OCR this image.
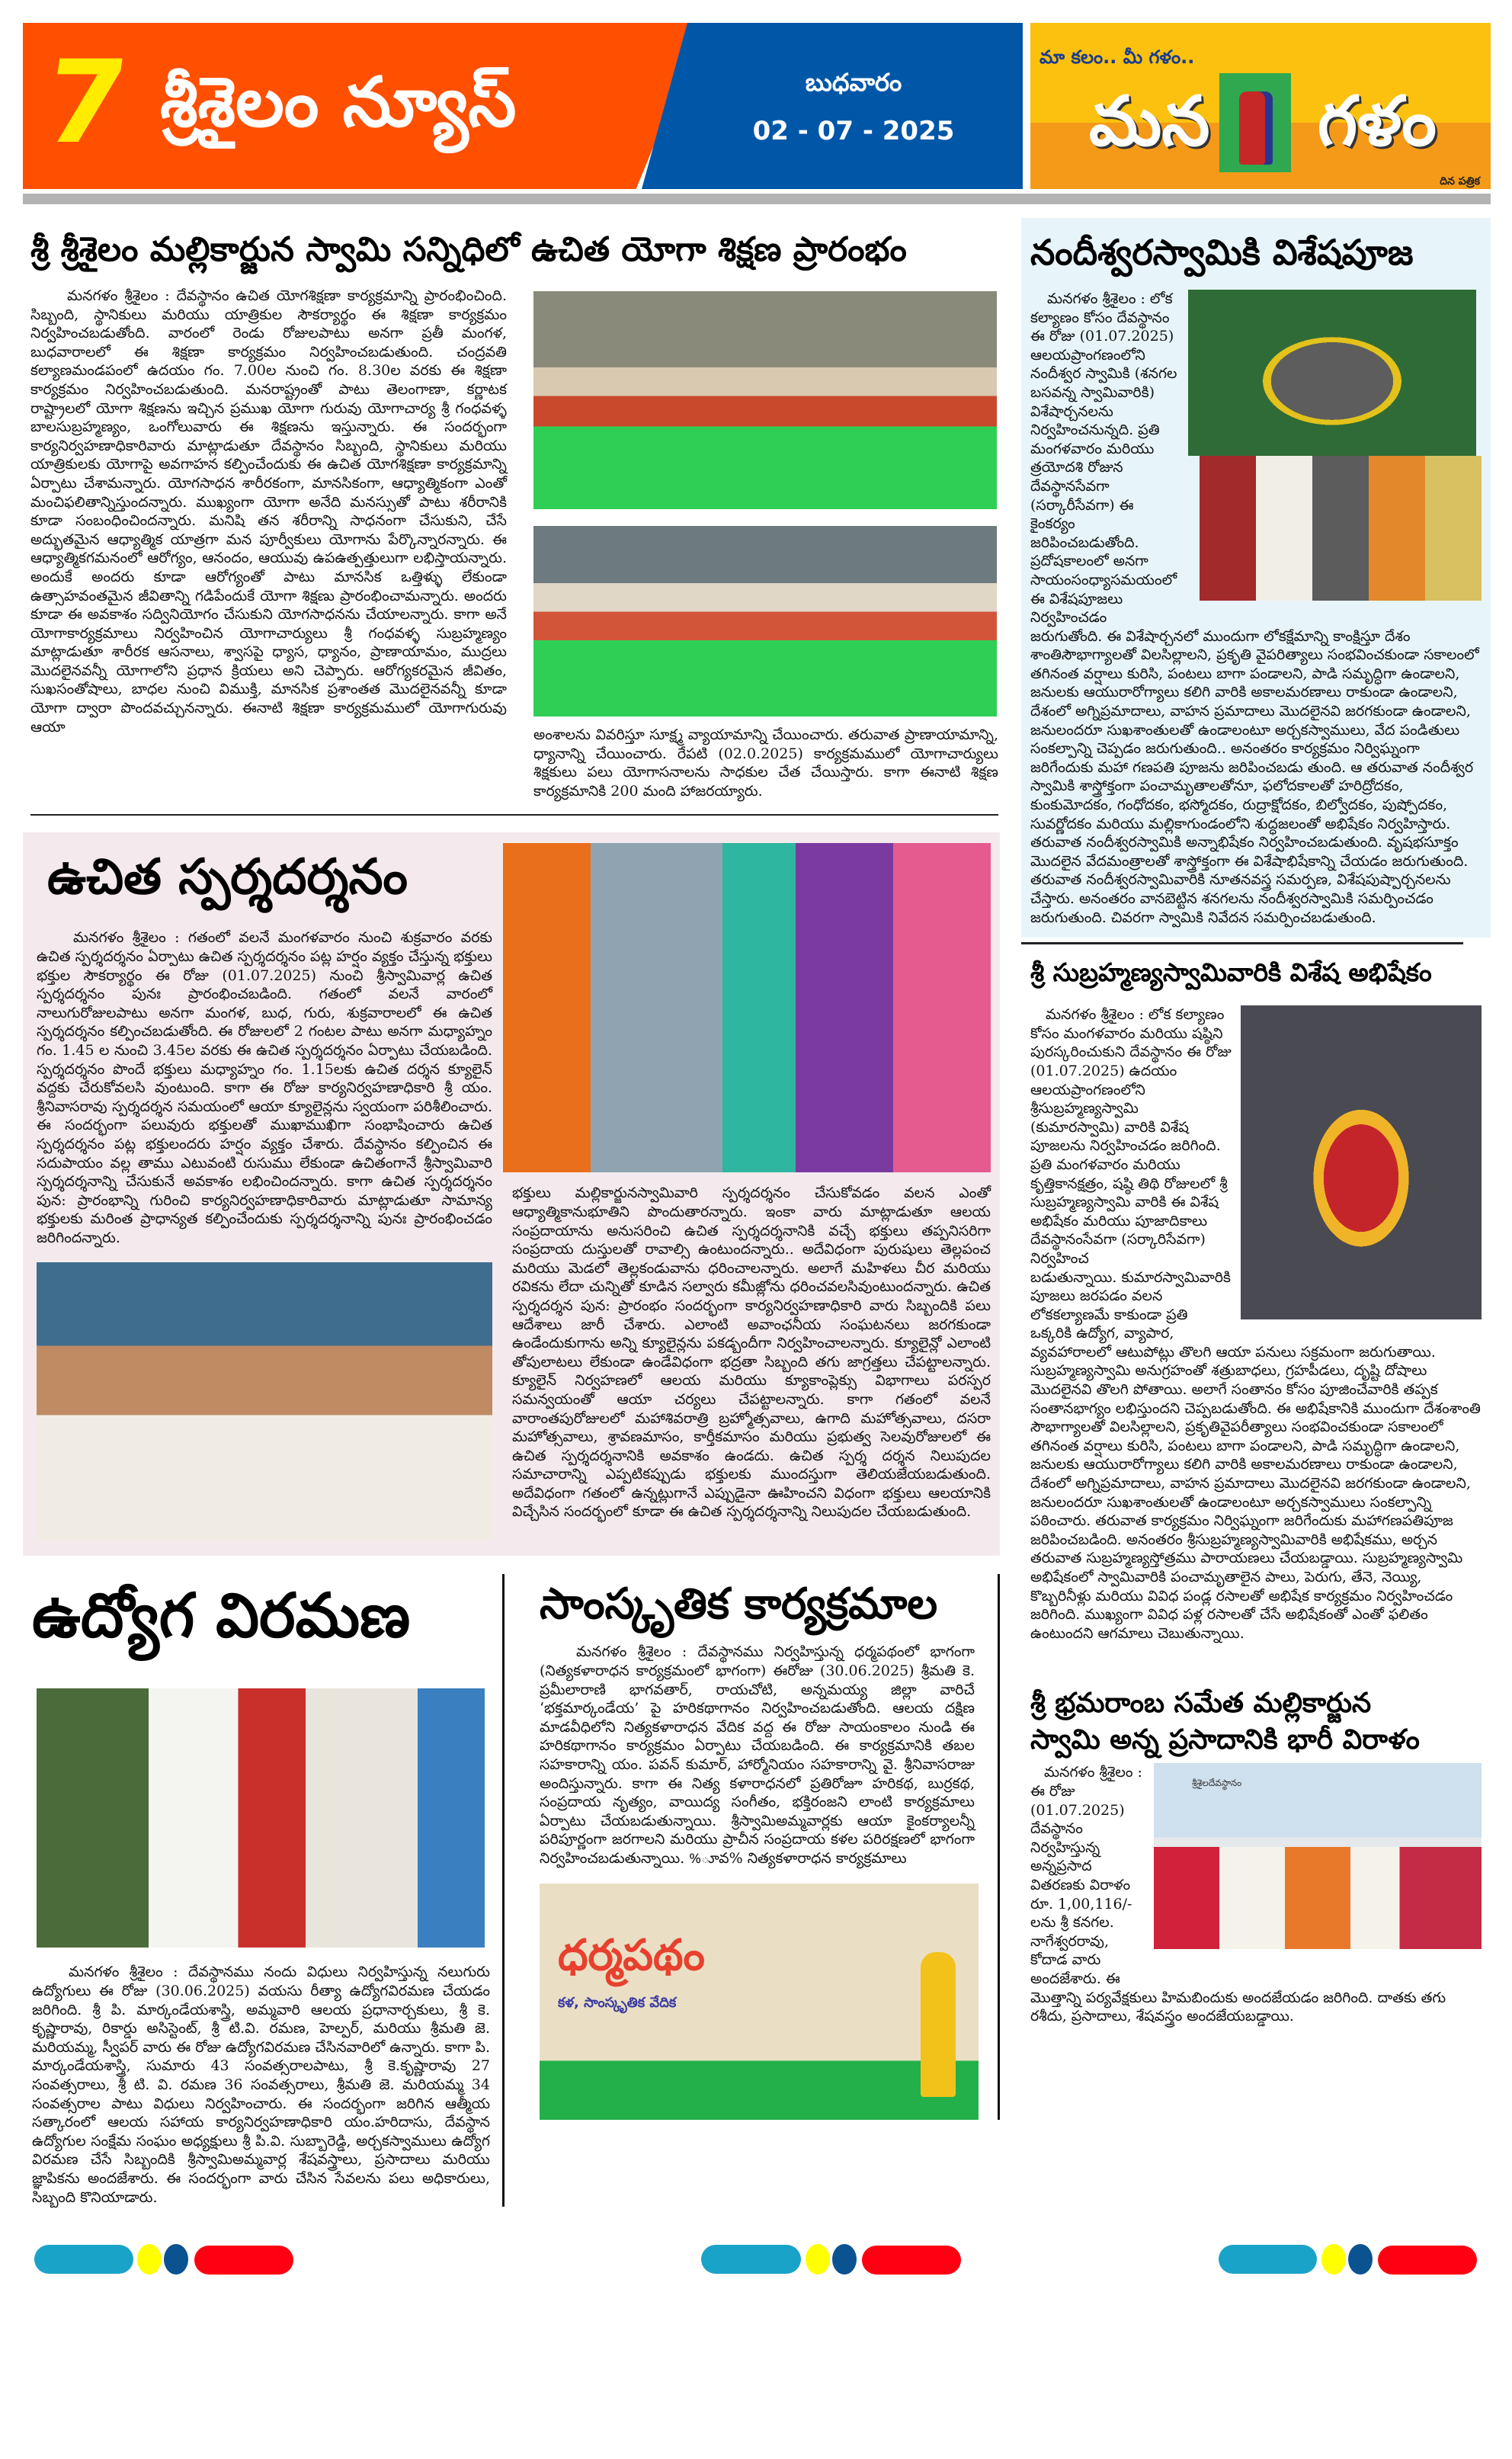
7 శ్రీశైలం న్యూస్	బుధవారం
02 - 07 - 2025
మా కలం.. మీ గళం..
మన గళం
దిన పత్రిక
శ్రీ శ్రీశైలం మల్లికార్జున స్వామి సన్నిధిలో ఉచిత యోగా శిక్షణ ప్రారంభం
మనగళం శ్రీశైలం : దేవస్థానం ఉచిత యోగశిక్షణా కార్యక్రమాన్ని ప్రారంభించింది. సిబ్బంది, స్థానికులు మరియు యాత్రికుల సౌకర్యార్థం ఈ శిక్షణా కార్యక్రమం నిర్వహించబడుతోంది. వారంలో రెండు రోజులపాటు అనగా ప్రతీ మంగళ, బుధవారాలలో ఈ శిక్షణా కార్యక్రమం నిర్వహించబడుతుంది. చంద్రవతి కల్యాణమండపంలో ఉదయం గం. 7.00ల నుంచి గం. 8.30ల వరకు ఈ శిక్షణా కార్యక్రమం నిర్వహించబడుతుంది. మనరాష్ట్రంతో పాటు తెలంగాణా, కర్ణాటక రాష్ట్రాలలో యోగా శిక్షణను ఇచ్చిన ప్రముఖ యోగా గురువు యోగాచార్య శ్రీ గంధవళ్ళ బాలసుబ్రహ్మణ్యం, ఒంగోలువారు ఈ శిక్షణను ఇస్తున్నారు. ఈ సందర్భంగా కార్యనిర్వహణాధికారివారు మాట్లాడుతూ దేవస్థానం సిబ్బంది, స్థానికులు మరియు యాత్రికులకు యోగాపై అవగాహన కల్పించేందుకు ఈ ఉచిత యోగశిక్షణా కార్యక్రమాన్ని ఏర్పాటు చేశామన్నారు. యోగసాధన శారీరకంగా, మానసికంగా, ఆధ్యాత్మికంగా ఎంతో మంచిఫలితాన్నిస్తుందన్నారు. ముఖ్యంగా యోగా అనేది మనస్సుతో పాటు శరీరానికి కూడా సంబంధించిందన్నారు. మనిషి తన శరీరాన్ని సాధనంగా చేసుకుని, చేసే అద్భుతమైన ఆధ్యాత్మిక యాత్రగా మన పూర్వీకులు యోగాను పేర్కొన్నారన్నారు. ఈ ఆధ్యాత్మికగమనంలో ఆరోగ్యం, ఆనందం, ఆయువు ఉపఉత్పత్తులుగా లభిస్తాయన్నారు. అందుకే అందరు కూడా ఆరోగ్యంతో పాటు మానసిక ఒత్తిళ్ళు లేకుండా ఉత్సాహవంతమైన జీవితాన్ని గడిపేందుకే యోగా శిక్షణు ప్రారంభించామన్నారు. అందరు కూడా ఈ అవకాశం సద్వినియోగం చేసుకుని యోగసాధనను చేయాలన్నారు. కాగా అనే యోగాకార్యక్రమాలు నిర్వహించిన యోగాచార్యులు శ్రీ గంధవళ్ళ సుబ్రహ్మణ్యం మాట్లాడుతూ శారీరక ఆసనాలు, శ్వాసపై ధ్యాస, ధ్యానం, ప్రాణాయామం, ముద్రలు మొదలైనవన్నీ యోగాలోని ప్రధాన క్రియలు అని చెప్పారు. ఆరోగ్యకరమైన జీవితం, సుఖసంతోషాలు, బాధల నుంచి విముక్తి, మానసిక ప్రశాంతత మొదలైనవన్నీ కూడా యోగా ద్వారా పొందవచ్చునన్నారు. ఈనాటి శిక్షణా కార్యక్రమములో యోగాగురువు ఆయా	అంశాలను వివరిస్తూ సూక్ష్మ వ్యాయామాన్ని చేయించారు. తరువాత ప్రాణాయామాన్ని, ధ్యానాన్ని చేయించారు. రేపటి (02.0.2025) కార్యక్రమములో యోగాచార్యులు శిక్షకులు పలు యోగాసనాలను సాధకుల చేత చేయిస్తారు. కాగా ఈనాటి శిక్షణ కార్యక్రమానికి 200 మంది హాజరయ్యారు.
ఉచిత స్పర్శదర్శనం
మనగళం శ్రీశైలం : గతంలో వలనే మంగళవారం నుంచి శుక్రవారం వరకు ఉచిత స్పర్శదర్శనం ఏర్పాటు ఉచిత స్పర్శదర్శనం పట్ల హర్షం వ్యక్తం చేస్తున్న భక్తులు భక్తుల సౌకర్యార్థం ఈ రోజు (01.07.2025) నుంచి శ్రీస్వామివార్ల ఉచిత స్పర్శదర్శనం పునః ప్రారంభించబడింది. గతంలో వలనే వారంలో నాలుగురోజులపాటు అనగా మంగళ, బుధ, గురు, శుక్రవారాలలో ఈ ఉచిత స్పర్శదర్శనం కల్పించబడుతోంది. ఈ రోజులలో 2 గంటల పాటు అనగా మధ్యాహ్నం గం. 1.45 ల నుంచి 3.45ల వరకు ఈ ఉచిత స్పర్శదర్శనం ఏర్పాటు చేయబడింది. స్పర్శదర్శనం పొందే భక్తులు మధ్యాహ్నం గం. 1.15లకు ఉచిత దర్శన క్యూలైన్ వద్దకు చేరుకోవలసి వుంటుంది. కాగా ఈ రోజు కార్యనిర్వహణాధికారి శ్రీ యం. శ్రీనివాసరావు స్పర్శదర్శన సమయంలో ఆయా క్యూలైన్లను స్వయంగా పరిశీలించారు. ఈ సందర్భంగా పలువురు భక్తులతో ముఖాముఖిగా సంభాషించారు ఉచిత స్పర్శదర్శనం పట్ల భక్తులందరు హర్షం వ్యక్తం చేశారు. దేవస్థానం కల్పించిన ఈ సదుపాయం వల్ల తాము ఎటువంటి రుసుము లేకుండా ఉచితంగానే శ్రీస్వామివారి స్పర్శదర్శనాన్ని చేసుకునే అవకాశం లభించిందన్నారు. కాగా ఉచిత స్పర్శదర్శనం పున: ప్రారంభాన్ని గురించి కార్యనిర్వహణాధికారివారు మాట్లాడుతూ సామాన్య భక్తులకు మరింత ప్రాధాన్యత కల్పించేందుకు స్పర్శదర్శనాన్ని పునః ప్రారంభించడం జరిగిందన్నారు.
భక్తులు మల్లికార్జునస్వామివారి స్పర్శదర్శనం చేసుకోవడం వలన ఎంతో ఆధ్యాత్మికానుభూతిని పొందుతారన్నారు. ఇంకా వారు మాట్లాడుతూ ఆలయ సంప్రదాయాను అనుసరించి ఉచిత స్పర్శదర్శనానికి వచ్చే భక్తులు తప్పనిసరిగా సంప్రదాయ దుస్తులతో రావాల్సి ఉంటుందన్నారు.. అదేవిధంగా పురుషులు తెల్లపంచ మరియు మెడలో తెల్లకండువాను ధరించాలన్నారు. అలాగే మహిళలు చీర మరియు రవికను లేదా చున్నితో కూడిన సల్వారు కమీజ్లోను ధరించవలసివుంటుందన్నారు. ఉచిత స్పర్శదర్శన పున: ప్రారంభం సందర్భంగా కార్యనిర్వహణాధికారి వారు సిబ్బందికి పలు ఆదేశాలు జారీ చేశారు. ఎలాంటి అవాంఛనీయ సంఘటనలు జరగకుండా ఉండేందుకుగాను అన్ని క్యూలైన్లను పకడ్బందీగా నిర్వహించాలన్నారు. క్యూలైన్లో ఎలాంటి తోపులాటలు లేకుండా ఉండేవిధంగా భద్రతా సిబ్బంది తగు జాగ్రత్తలు చేపట్టాలన్నారు. క్యూలైన్ నిర్వహణలో ఆలయ మరియు క్యూకాంప్లెక్సు విభాగాలు పరస్పర సమన్వయంతో ఆయా చర్యలు చేపట్టాలన్నారు. కాగా గతంలో వలనే వారాంతపురోజులలో మహాశివరాత్రి బ్రహ్మోత్సవాలు, ఉగాది మహోత్సవాలు, దసరా మహోత్సవాలు, శ్రావణమాసం, కార్తీకమాసం మరియు ప్రభుత్వ సెలవురోజులలో ఈ ఉచిత స్పర్శదర్శనానికి అవకాశం ఉండదు. ఉచిత స్పర్శ దర్శన నిలుపుదల సమాచారాన్ని ఎప్పటికప్పుడు భక్తులకు ముందస్తుగా తెలియజేయబడుతుంది. అదేవిధంగా గతంలో ఉన్నట్లుగానే ఎప్పుడైనా ఊహించని విధంగా భక్తులు ఆలయానికి విచ్చేసిన సందర్భంలో కూడా ఈ ఉచిత స్పర్శదర్శనాన్ని నిలుపుదల చేయబడుతుంది.
ఉద్యోగ విరమణ
మనగళం శ్రీశైలం : దేవస్థానము నందు విధులు నిర్వహిస్తున్న నలుగురు ఉద్యోగులు ఈ రోజు (30.06.2025) వయసు రీత్యా ఉద్యోగవిరమణ చేయడం జరిగింది. శ్రీ పి. మార్కండేయశాస్త్రి, అమ్మవారి ఆలయ ప్రధానార్చకులు, శ్రీ కె. కృష్ణారావు, రికార్డు అసిస్టెంట్, శ్రీ టి.వి. రమణ, హెల్పర్, మరియు శ్రీమతి జె. మరియమ్మ, స్వీపర్ వారు ఈ రోజు ఉద్యోగవిరమణ చేసినవారిలో ఉన్నారు. కాగా పి. మార్కండేయశాస్త్రి, సుమారు 43 సంవత్సరాలపాటు, శ్రీ కె.కృష్ణారావు 27 సంవత్సరాలు, శ్రీ టి. వి. రమణ 36 సంవత్సరాలు, శ్రీమతి జె. మరియమ్మ 34 సంవత్సరాల పాటు విధులు నిర్వహించారు. ఈ సందర్భంగా జరిగిన ఆత్మీయ సత్కారంలో ఆలయ సహాయ కార్యనిర్వహణాధికారి యం.హరిదాసు, దేవస్థాన ఉద్యోగుల సంక్షేమ సంఘం అధ్యక్షులు శ్రీ పి.వి. సుబ్బారెడ్డి, అర్చకస్వాములు ఉద్యోగ విరమణ చేసే సిబ్బందికి శ్రీస్వామిఅమ్మవార్ల శేషవస్త్రాలు, ప్రసాదాలు మరియు జ్ఞాపికను అందజేశారు. ఈ సందర్భంగా వారు చేసిన సేవలను పలు అధికారులు, సిబ్బంది కొనియాడారు.
సాంస్కృతిక కార్యక్రమాల
మనగళం శ్రీశైలం : దేవస్థానము నిర్వహిస్తున్న ధర్మపథంలో భాగంగా (నిత్యకళారాధన కార్యక్రమంలో భాగంగా) ఈరోజు (30.06.2025) శ్రీమతి కె. ప్రమీలారాణి భాగవతార్, రాయచోటి, అన్నమయ్య జిల్లా వారిచే ‘భక్తమార్కండేయ’ పై హరికథాగానం నిర్వహించబడుతోంది. ఆలయ దక్షిణ మాడవీధిలోని నిత్యకళారాధన వేదిక వద్ద ఈ రోజు సాయంకాలం నుండి ఈ హరికథాగానం కార్యక్రమం ఏర్పాటు చేయబడింది. ఈ కార్యక్రమానికి తబల సహకారాన్ని యం. పవన్ కుమార్, హార్మోనియం సహకారాన్ని వై. శ్రీనివాసరాజు అందిస్తున్నారు. కాగా ఈ నిత్య కళారాధనలో ప్రతిరోజూ హరికథ, బుర్రకథ, సంప్రదాయ నృత్యం, వాయిద్య సంగీతం, భక్తిరంజని లాంటి కార్యక్రమాలు ఏర్పాటు చేయబడుతున్నాయి. శ్రీస్వామిఅమ్మవార్లకు ఆయా కైంకర్యాలన్నీ పరిపూర్ణంగా జరగాలని మరియు ప్రాచీన సంప్రదాయ కళల పరిరక్షణలో భాగంగా నిర్వహించబడుతున్నాయి. %ూవ% నిత్యకళారాధన కార్యక్రమాలు
ధర్మపథం
కళ, సాంస్కృతిక వేదిక
నందీశ్వరస్వామికి విశేషపూజ
మనగళం శ్రీశైలం : లోక కల్యాణం కోసం దేవస్థానం ఈ రోజు (01.07.2025) ఆలయప్రాంగణంలోని నందీశ్వర స్వామికి (శనగల బసవన్న స్వామివారికి) విశేషార్చనలను నిర్వహించనున్నది. ప్రతి మంగళవారం మరియు త్రయోదశి రోజున దేవస్థానసేవగా (సర్కారీసేవగా) ఈ కైంకర్యం జరిపించబడుతోంది. ప్రదోషకాలంలో అనగా సాయంసంధ్యాసమయంలో ఈ విశేషపూజలు నిర్వహించడం
జరుగుతోంది. ఈ విశేషార్చనలో ముందుగా లోకక్షేమాన్ని కాంక్షిస్తూ దేశం శాంతిసౌభాగ్యాలతో విలసిల్లాలని, ప్రకృతి వైపరిత్యాలు సంభవించకుండా సకాలంలో తగినంత వర్షాలు కురిసి, పంటలు బాగా పండాలని, పాడి సమృద్ధిగా ఉండాలని, జనులకు ఆయురారోగ్యాలు కలిగి వారికి అకాలమరణాలు రాకుండా ఉండాలని, దేశంలో అగ్నిప్రమాదాలు, వాహన ప్రమాదాలు మొదలైనవి జరగకుండా ఉండాలని, జనులందరూ సుఖశాంతులతో ఉండాలంటూ అర్చకస్వాములు, వేద పండితులు సంకల్పాన్ని చెప్పడం జరుగుతుంది.. అనంతరం కార్యక్రమం నిర్విఘ్నంగా జరిగేందుకు మహా గణపతి పూజను జరిపించబడు తుంది. ఆ తరువాత నందీశ్వర స్వామికి శాస్త్రోక్తంగా పంచామృతాలతోనూ, ఫలోదకాలతో హరిద్రోదకం, కుంకుమోదకం, గంధోదకం, భస్మోదకం, రుద్రాక్షోదకం, బిల్వోదకం, పుష్పోదకం, సువర్ణోదకం మరియు మల్లికాగుండంలోని శుద్ధజలంతో అభిషేకం నిర్వహిస్తారు. తరువాత నందీశ్వరస్వామికి అన్నాభిషేకం నిర్వహించబడుతుంది. వృషభసూక్తం మొదలైన వేదమంత్రాలతో శాస్త్రోక్తంగా ఈ విశేషాభిషేకాన్ని చేయడం జరుగుతుంది. తరువాత నందీశ్వరస్వామివారికి నూతనవస్త్ర సమర్పణ, విశేషపుష్పార్చనలను చేస్తారు. అనంతరం వానబెట్టిన శనగలను నందీశ్వరస్వామికి సమర్పించడం జరుగుతుంది. చివరగా స్వామికి నివేదన సమర్పించబడుతుంది.
శ్రీ సుబ్రహ్మణ్యస్వామివారికి విశేష అభిషేకం
మనగళం శ్రీశైలం : లోక కల్యాణం కోసం మంగళవారం మరియు షష్ఠిని పురస్కరించుకుని దేవస్థానం ఈ రోజు (01.07.2025) ఉదయం ఆలయప్రాంగణంలోని శ్రీసుబ్రహ్మణ్యస్వామి (కుమారస్వామి) వారికి విశేష పూజలను నిర్వహించడం జరిగింది. ప్రతి మంగళవారం మరియు కృత్తికానక్షత్రం, షష్ఠి తిథి రోజులలో శ్రీ సుబ్రహ్మణ్యస్వామి వారికి ఈ విశేష అభిషేకం మరియు పూజాదికాలు దేవస్థానంసేవగా (సర్కారిసేవగా) నిర్వహించ
బడుతున్నాయి. కుమారస్వామివారికి పూజలు జరపడం వలన లోకకల్యాణమే కాకుండా ప్రతి ఒక్కరికి ఉద్యోగ, వ్యాపార, వ్యవహారాలలో ఆటుపోట్లు తొలగి ఆయా పనులు సక్రమంగా జరుగుతాయి. సుబ్రహ్మణ్యస్వామి అనుగ్రహంతో శత్రుబాధలు, గ్రహపీడలు, దృష్టి దోషాలు మొదలైనవి తొలగి పోతాయి. అలాగే సంతానం కోసం పూజించేవారికి తప్పక సంతానభాగ్యం లభిస్తుందని చెప్పబడుతోంది. ఈ అభిషేకానికి ముందుగా దేశంశాంతి సౌభాగ్యాలతో విలసిల్లాలని, ప్రకృతివైపరీత్యాలు సంభవించకుండా సకాలంలో తగినంత వర్షాలు కురిసి, పంటలు బాగా పండాలని, పాడి సమృద్ధిగా ఉండాలని, జనులకు ఆయురారోగ్యాలు కలిగి వారికి అకాలమరణాలు రాకుండా ఉండాలని, దేశంలో అగ్నిప్రమాదాలు, వాహన ప్రమాదాలు మొదలైనవి జరగకుండా ఉండాలని, జనులందరూ సుఖశాంతులతో ఉండాలంటూ అర్చకస్వాములు సంకల్పాన్ని పఠించారు. తరువాత కార్యక్రమం నిర్విఘ్నంగా జరిగేందుకు మహాగణపతిపూజ జరిపించబడింది. అనంతరం శ్రీసుబ్రహ్మణ్యస్వామివారికి అభిషేకము, అర్చన తరువాత సుబ్రహ్మణ్యస్తోత్రము పారాయణలు చేయబడ్డాయి. సుబ్రహ్మణ్యస్వామి అభిషేకంలో స్వామివారికి పంచామృతాలైన పాలు, పెరుగు, తేనె, నెయ్యి, కొబ్బరినీళ్లు మరియు వివిధ పండ్ల రసాలతో అభిషేక కార్యక్రమం నిర్వహించడం జరిగింది. ముఖ్యంగా వివిధ పళ్ల రసాలతో చేసే అభిషేకంతో ఎంతో ఫలితం ఉంటుందని ఆగమాలు చెబుతున్నాయి.
శ్రీ భ్రమరాంబ సమేత మల్లికార్జున
స్వామి అన్న ప్రసాదానికి భారీ విరాళం
శ్రీశైలదేవస్థానం
మనగళం శ్రీశైలం : ఈ రోజు (01.07.2025) దేవస్థానం నిర్వహిస్తున్న అన్నప్రసాద వితరణకు విరాళం రూ. 1,00,116/- లను శ్రీ కనగల. నాగేశ్వరరావు, కోదాడ వారు అందజేశారు. ఈ
మొత్తాన్ని పర్యవేక్షకులు హిమబిందుకు అందజేయడం జరిగింది. దాతకు తగు రశీదు, ప్రసాదాలు, శేషవస్త్రం అందజేయబడ్డాయి.
